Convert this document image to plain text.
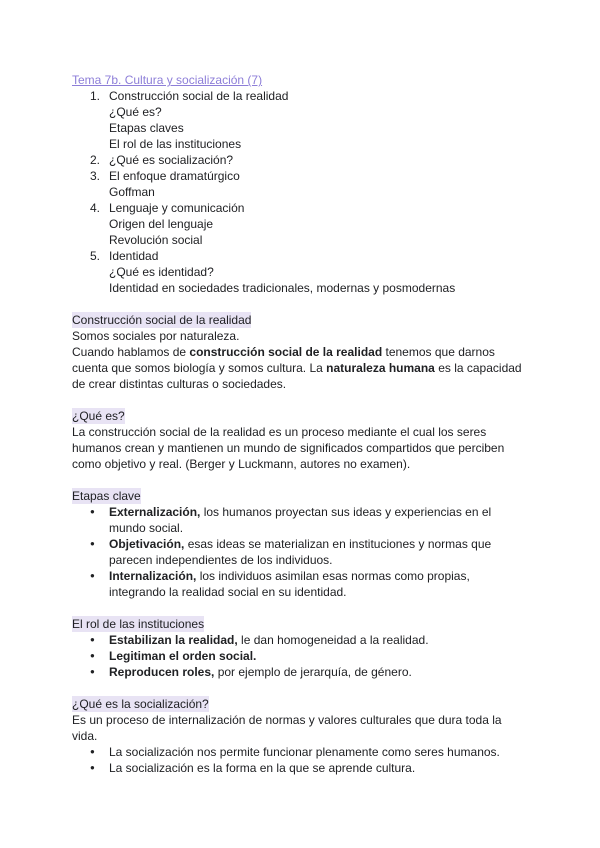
Tema 7b. Cultura y socialización (7)
1. Construcción social de la realidad
¿Qué es?
Etapas claves
El rol de las instituciones
2. ¿Qué es socialización?
3. El enfoque dramatúrgico
Goffman
4. Lenguaje y comunicación
Origen del lenguaje
Revolución social
5. Identidad
¿Qué es identidad?
Identidad en sociedades tradicionales, modernas y posmodernas
Construcción social de la realidad
Somos sociales por naturaleza.
Cuando hablamos de construcción social de la realidad tenemos que darnos cuenta que somos biología y somos cultura. La naturaleza humana es la capacidad de crear distintas culturas o sociedades.
¿Qué es?
La construcción social de la realidad es un proceso mediante el cual los seres humanos crean y mantienen un mundo de significados compartidos que perciben como objetivo y real. (Berger y Luckmann, autores no examen).
Etapas clave
● Externalización, los humanos proyectan sus ideas y experiencias en el mundo social.
● Objetivación, esas ideas se materializan en instituciones y normas que parecen independientes de los individuos.
● Internalización, los individuos asimilan esas normas como propias, integrando la realidad social en su identidad.
El rol de las instituciones
● Estabilizan la realidad, le dan homogeneidad a la realidad.
● Legitiman el orden social.
● Reproducen roles, por ejemplo de jerarquía, de género.
¿Qué es la socialización?
Es un proceso de internalización de normas y valores culturales que dura toda la vida.
● La socialización nos permite funcionar plenamente como seres humanos.
● La socialización es la forma en la que se aprende cultura.
